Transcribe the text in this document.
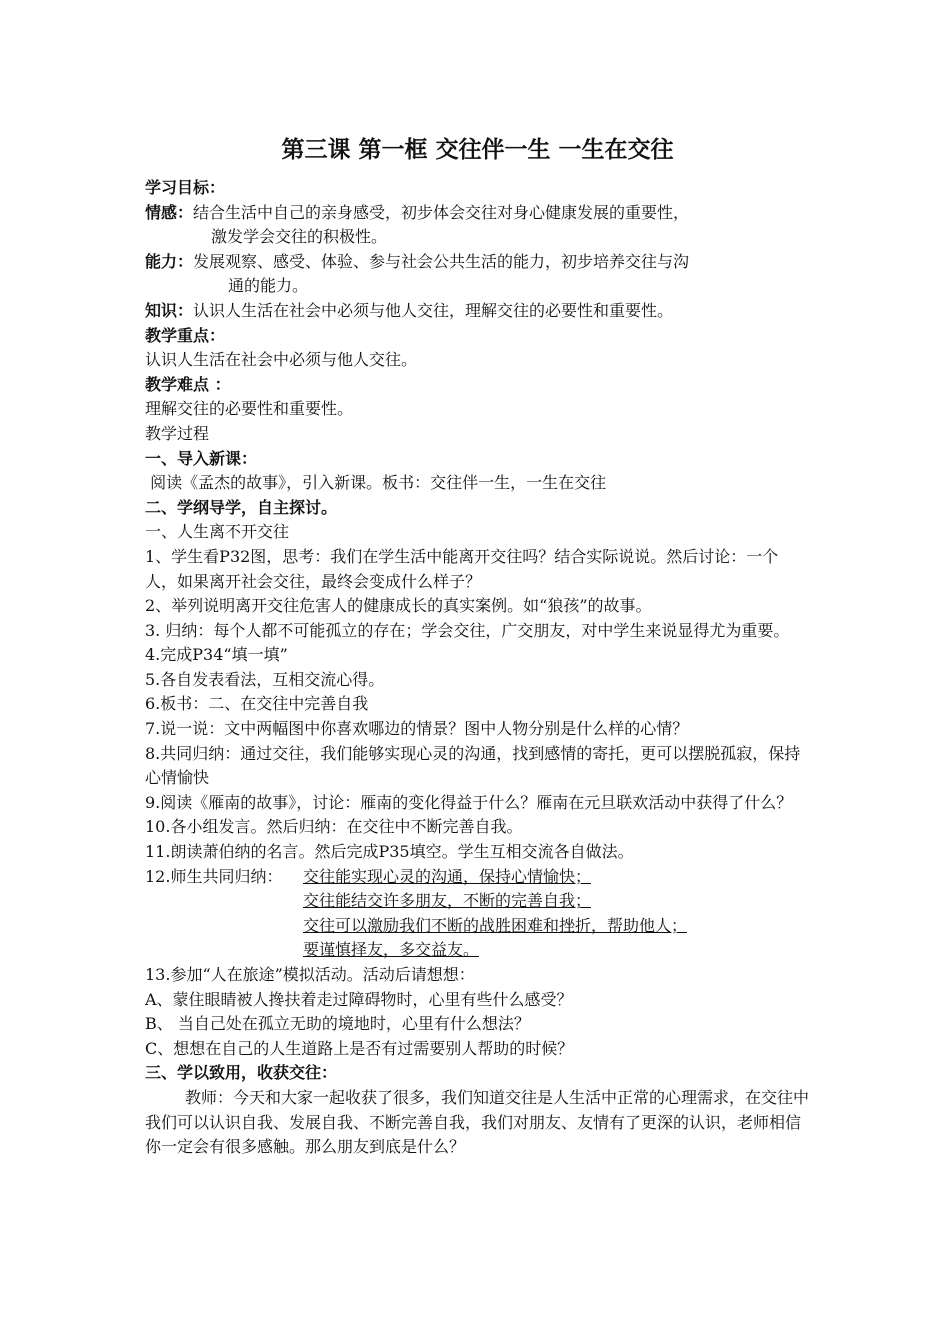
第三课 第一框 交往伴一生 一生在交往

学习目标：

情感：结合生活中自己的亲身感受，初步体会交往对身心健康发展的重要性，

激发学会交往的积极性。

能力：发展观察、感受、体验、参与社会公共生活的能力，初步培养交往与沟

通的能力。

知识：认识人生活在社会中必须与他人交往，理解交往的必要性和重要性。

教学重点：

认识人生活在社会中必须与他人交往。

教学难点 ：

理解交往的必要性和重要性。

教学过程

一、导入新课：

阅读《孟杰的故事》，引入新课。板书：交往伴一生，一生在交往

二、学纲导学，自主探讨。

一、人生离不开交往

1、学生看P32图，思考：我们在学生活中能离开交往吗？结合实际说说。然后讨论：一个人，如果离开社会交往，最终会变成什么样子？

2、举列说明离开交往危害人的健康成长的真实案例。如“狼孩”的故事。

3. 归纳：每个人都不可能孤立的存在；学会交往，广交朋友，对中学生来说显得尤为重要。

4.完成P34“填一填”

5.各自发表看法，互相交流心得。

6.板书：二、在交往中完善自我

7.说一说：文中两幅图中你喜欢哪边的情景？图中人物分别是什么样的心情？

8.共同归纳：通过交往，我们能够实现心灵的沟通，找到感情的寄托，更可以摆脱孤寂，保持心情愉快

9.阅读《雁南的故事》，讨论：雁南的变化得益于什么？雁南在元旦联欢活动中获得了什么？

10.各小组发言。然后归纳：在交往中不断完善自我。

11.朗读萧伯纳的名言。然后完成P35填空。学生互相交流各自做法。

12.师生共同归纳：	交往能实现心灵的沟通，保持心情愉快；
交往能结交许多朋友，不断的完善自我；
交往可以激励我们不断的战胜困难和挫折，帮助他人；
要谨慎择友，多交益友。

13.参加“人在旅途”模拟活动。活动后请想想：

A、蒙住眼睛被人搀扶着走过障碍物时，心里有些什么感受？

B、 当自己处在孤立无助的境地时，心里有什么想法？

C、想想在自己的人生道路上是否有过需要别人帮助的时候？

三、学以致用，收获交往：

教师：今天和大家一起收获了很多，我们知道交往是人生活中正常的心理需求，在交往中我们可以认识自我、发展自我、不断完善自我，我们对朋友、友情有了更深的认识，老师相信你一定会有很多感触。那么朋友到底是什么？
